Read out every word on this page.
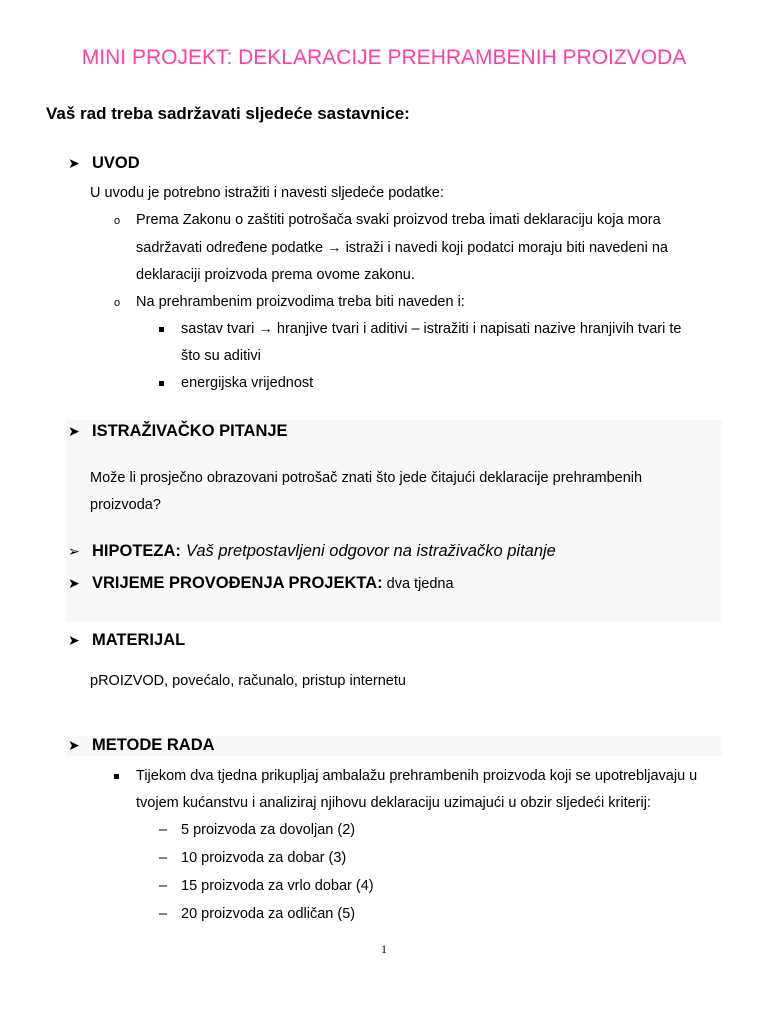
MINI PROJEKT: DEKLARACIJE PREHRAMBENIH PROIZVODA
Vaš rad treba sadržavati sljedeće sastavnice:
➤ UVOD
U uvodu je potrebno istražiti i navesti sljedeće podatke:
o Prema Zakonu o zaštiti potrošača svaki proizvod treba imati deklaraciju koja mora
sadržavati određene podatke → istraži i navedi koji podatci moraju biti navedeni na
deklaraciji proizvoda prema ovome zakonu.
o Na prehrambenim proizvodima treba biti naveden i:
sastav tvari → hranjive tvari i aditivi – istražiti i napisati nazive hranjivih tvari te
što su aditivi
energijska vrijednost
➤ ISTRAŽIVAČKO PITANJE
Može li prosječno obrazovani potrošač znati što jede čitajući deklaracije prehrambenih
proizvoda?
➢ HIPOTEZA: Vaš pretpostavljeni odgovor na istraživačko pitanje
➤ VRIJEME PROVOĐENJA PROJEKTA: dva tjedna
➤ MATERIJAL
pROIZVOD, povećalo, računalo, pristup internetu
➤ METODE RADA
Tijekom dva tjedna prikupljaj ambalažu prehrambenih proizvoda koji se upotrebljavaju u
tvojem kućanstvu i analiziraj njihovu deklaraciju uzimajući u obzir sljedeći kriterij:
– 5 proizvoda za dovoljan (2)
– 10 proizvoda za dobar (3)
– 15 proizvoda za vrlo dobar (4)
– 20 proizvoda za odličan (5)
1
